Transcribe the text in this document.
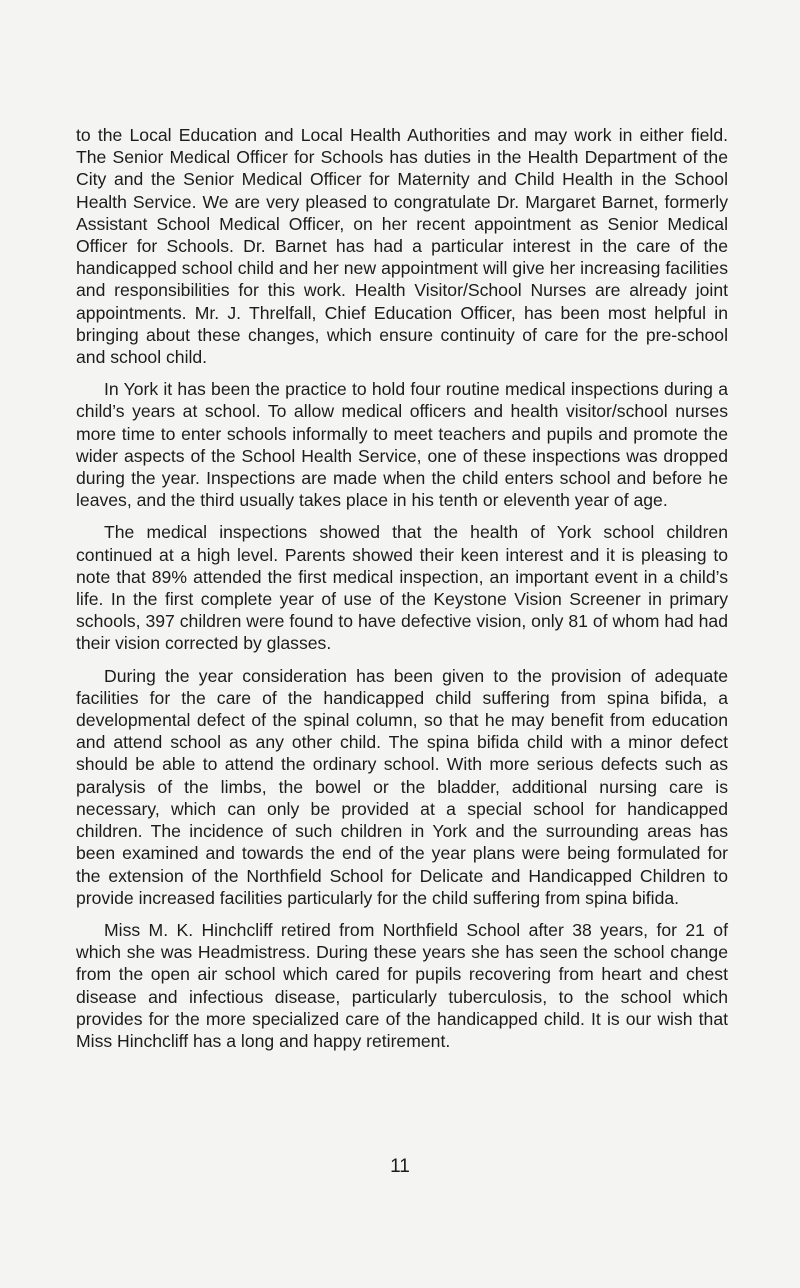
to the Local Education and Local Health Authorities and may work in either field. The Senior Medical Officer for Schools has duties in the Health Department of the City and the Senior Medical Officer for Maternity and Child Health in the School Health Service. We are very pleased to congratulate Dr. Margaret Barnet, formerly Assistant School Medical Officer, on her recent appointment as Senior Medical Officer for Schools. Dr. Barnet has had a particular interest in the care of the handicapped school child and her new appointment will give her increasing facilities and responsibilities for this work. Health Visitor/School Nurses are already joint appointments. Mr. J. Threlfall, Chief Education Officer, has been most helpful in bringing about these changes, which ensure continuity of care for the pre-school and school child.

In York it has been the practice to hold four routine medical inspections during a child’s years at school. To allow medical officers and health visitor/school nurses more time to enter schools informally to meet teachers and pupils and promote the wider aspects of the School Health Service, one of these inspections was dropped during the year. Inspections are made when the child enters school and before he leaves, and the third usually takes place in his tenth or eleventh year of age.

The medical inspections showed that the health of York school children continued at a high level. Parents showed their keen interest and it is pleasing to note that 89% attended the first medical inspection, an important event in a child’s life. In the first complete year of use of the Keystone Vision Screener in primary schools, 397 children were found to have defective vision, only 81 of whom had had their vision corrected by glasses.

During the year consideration has been given to the provision of adequate facilities for the care of the handicapped child suffering from spina bifida, a developmental defect of the spinal column, so that he may benefit from education and attend school as any other child. The spina bifida child with a minor defect should be able to attend the ordinary school. With more serious defects such as paralysis of the limbs, the bowel or the bladder, additional nursing care is necessary, which can only be provided at a special school for handicapped children. The incidence of such children in York and the surrounding areas has been examined and towards the end of the year plans were being formulated for the extension of the Northfield School for Delicate and Handicapped Children to provide increased facilities particularly for the child suffering from spina bifida.

Miss M. K. Hinchcliff retired from Northfield School after 38 years, for 21 of which she was Headmistress. During these years she has seen the school change from the open air school which cared for pupils recovering from heart and chest disease and infectious disease, particularly tuberculosis, to the school which provides for the more specialized care of the handicapped child. It is our wish that Miss Hinchcliff has a long and happy retirement.

11
